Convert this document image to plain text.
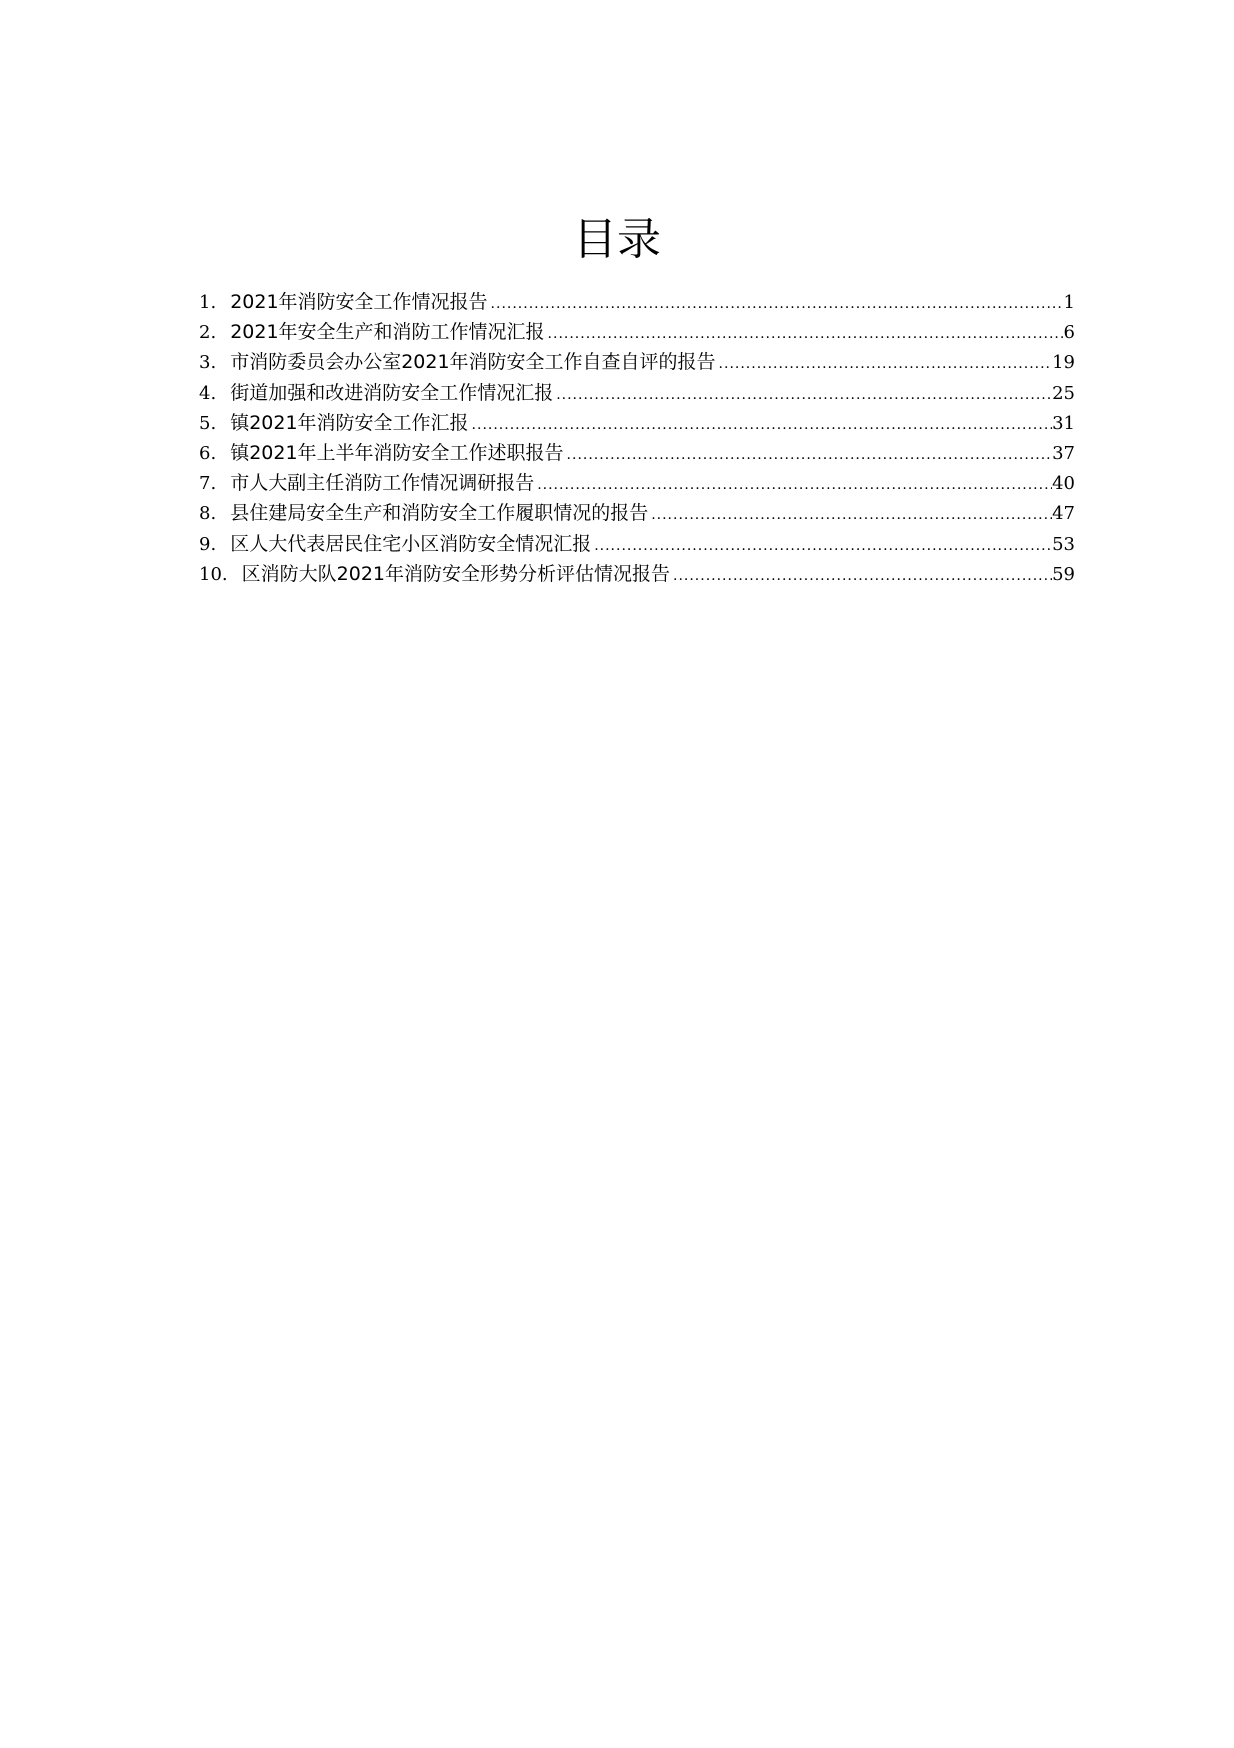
目录
1. 2021年消防安全工作情况报告 .....	1
2. 2021年安全生产和消防工作情况汇报 .....	6
3. 市消防委员会办公室2021年消防安全工作自查自评的报告 .....	19
4. 街道加强和改进消防安全工作情况汇报 .....	25
5. 镇2021年消防安全工作汇报 .....	31
6. 镇2021年上半年消防安全工作述职报告 .....	37
7. 市人大副主任消防工作情况调研报告 .....	40
8. 县住建局安全生产和消防安全工作履职情况的报告 .....	47
9. 区人大代表居民住宅小区消防安全情况汇报 .....	53
10. 区消防大队2021年消防安全形势分析评估情况报告 .....	59
